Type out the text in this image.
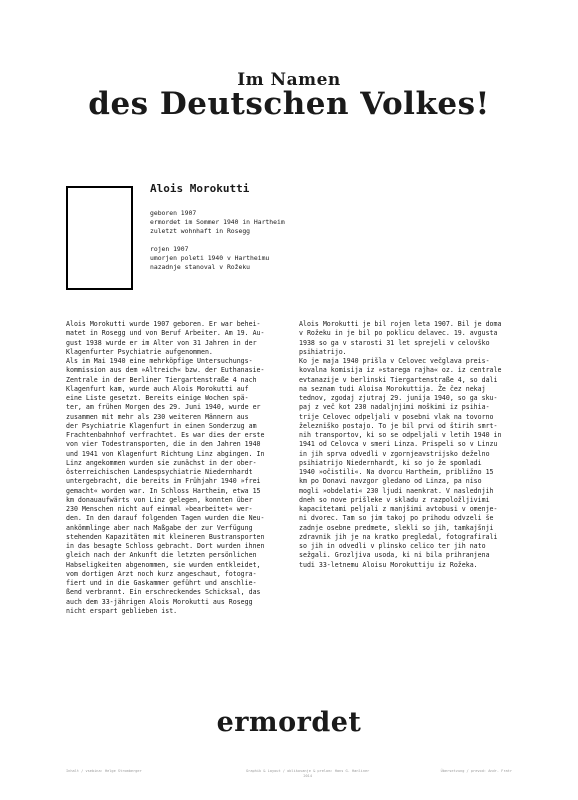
Im Namen
des Deutschen Volkes!
Alois Morokutti
geboren 1907
ermordet im Sommer 1940 in Hartheim
zuletzt wohnhaft in Rosegg
rojen 1907
umorjen poleti 1940 v Hartheimu
nazadnje stanoval v Rožeku

Alois Morokutti wurde 1907 geboren. Er war behei-
matet in Rosegg und von Beruf Arbeiter. Am 19. Au-
gust 1938 wurde er im Alter von 31 Jahren in der
Klagenfurter Psychiatrie aufgenommen.

Als im Mai 1940 eine mehrköpfige Untersuchungs-
kommission aus dem »Altreich« bzw. der Euthanasie-
Zentrale in der Berliner Tiergartenstraße 4 nach
Klagenfurt kam, wurde auch Alois Morokutti auf
eine Liste gesetzt. Bereits einige Wochen spä-
ter, am frühen Morgen des 29. Juni 1940, wurde er
zusammen mit mehr als 230 weiteren Männern aus
der Psychiatrie Klagenfurt in einen Sonderzug am
Frachtenbahnhof verfrachtet. Es war dies der erste
von vier Todestransporten, die in den Jahren 1940
und 1941 von Klagenfurt Richtung Linz abgingen. In
Linz angekommen wurden sie zunächst in der ober-
österreichischen Landespsychiatrie Niedernhardt
untergebracht, die bereits im Frühjahr 1940 »frei
gemacht« worden war. In Schloss Hartheim, etwa 15
km donauaufwärts von Linz gelegen, konnten über
230 Menschen nicht auf einmal »bearbeitet« wer-
den. In den darauf folgenden Tagen wurden die Neu-
ankömmlinge aber nach Maßgabe der zur Verfügung
stehenden Kapazitäten mit kleineren Bustransporten
in das besagte Schloss gebracht. Dort wurden ihnen
gleich nach der Ankunft die letzten persönlichen
Habseligkeiten abgenommen, sie wurden entkleidet,
vom dortigen Arzt noch kurz angeschaut, fotogra-
fiert und in die Gaskammer geführt und anschlie-
ßend verbrannt. Ein erschreckendes Schicksal, das
auch dem 33-jährigen Alois Morokutti aus Rosegg
nicht erspart geblieben ist.

Alois Morokutti je bil rojen leta 1907. Bil je doma
v Rožeku in je bil po poklicu delavec. 19. avgusta
1938 so ga v starosti 31 let sprejeli v celovško
psihiatrijo.

Ko je maja 1940 prišla v Celovec večglava preis-
kovalna komisija iz »starega rajha« oz. iz centrale
evtanazije v berlinski Tiergartenstraße 4, so dali
na seznam tudi Aloisa Morokuttija. Že čez nekaj
tednov, zgodaj zjutraj 29. junija 1940, so ga sku-
paj z več kot 230 nadaljnjimi moškimi iz psihia-
trije Celovec odpeljali v posebni vlak na tovorno
železniško postajo. To je bil prvi od štirih smrt-
nih transportov, ki so se odpeljali v letih 1940 in
1941 od Celovca v smeri Linza. Prispeli so v Linzu
in jih sprva odvedli v zgornjeavstrijsko deželno
psihiatrijo Niedernhardt, ki so jo že spomladi
1940 »očistili«. Na dvorcu Hartheim, približno 15
km po Donavi navzgor gledano od Linza, pa niso
mogli »obdelati« 230 ljudi naenkrat. V naslednjih
dneh so nove prišleke v skladu z razpoložljivimi
kapacitetami peljali z manjšimi avtobusi v omenje-
ni dvorec. Tam so jim takoj po prihodu odvzeli še
zadnje osebne predmete, slekli so jih, tamkajšnji
zdravnik jih je na kratko pregledal, fotografirali
so jih in odvedli v plinsko celico ter jih nato
sežgali. Grozljiva usoda, ki ni bila prihranjena
tudi 33-letnemu Aloisu Morokuttiju iz Rožeka.

ermordet
Inhalt / vsebina: Helge Stromberger	Graphik & Layout / oblikovanje & prelom: Hans G. Hanliner
2014
Übersetzung / prevod: Andr. Fratr
